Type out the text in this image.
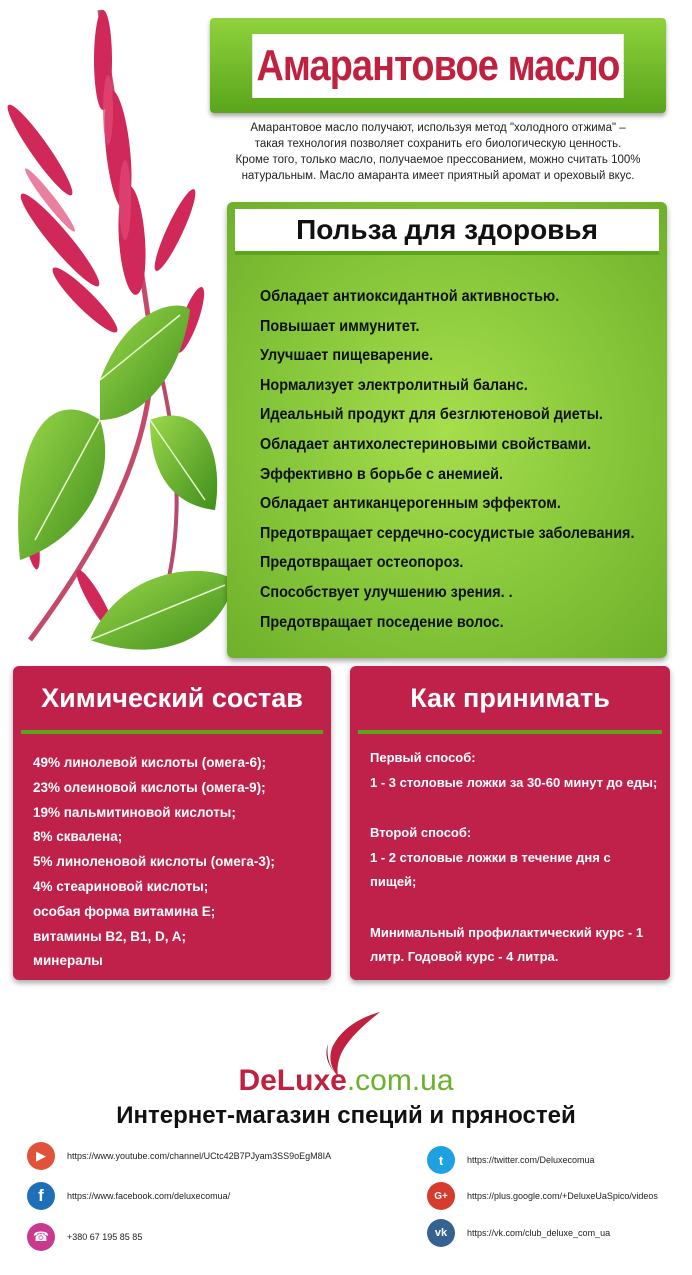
Амарантовое масло
Амарантовое масло получают, используя метод "холодного отжима" –
такая технология позволяет сохранить его биологическую ценность.
Кроме того, только масло, получаемое прессованием, можно считать 100%
натуральным. Масло амаранта имеет приятный аромат и ореховый вкус.
Польза для здоровья
Обладает антиоксидантной активностью.
Повышает иммунитет.
Улучшает пищеварение.
Нормализует электролитный баланс.
Идеальный продукт для безглютеновой диеты.
Обладает антихолестериновыми свойствами.
Эффективно в борьбе с анемией.
Обладает антиканцерогенным эффектом.
Предотвращает сердечно-сосудистые заболевания.
Предотвращает остеопороз.
Способствует улучшению зрения. .
Предотвращает поседение волос.
Химический состав
49% линолевой кислоты (омега-6);
23% олеиновой кислоты (омега-9);
19% пальмитиновой кислоты;
8% сквалена;
5% линоленовой кислоты (омега-3);
4% стеариновой кислоты;
особая форма витамина Е;
витамины B2, B1, D, A;
минералы
Как принимать

Первый способ:

1 - 3 столовые ложки за 30-60 минут до еды;

Второй способ:

1 - 2 столовые ложки в течение дня с пищей;

Минимальный профилактический курс - 1

литр. Годовой курс - 4 литра.

DeLuxe.com.ua
Интернет-магазин специй и пряностей
▶	https://www.youtube.com/channel/UCtc42B7PJyam3SS9oEgM8IA
f	https://www.facebook.com/deluxecomua/
☎	+380 67 195 85 85
t	https://twitter.com/Deluxecomua
G+	https://plus.google.com/+DeluxeUaSpico/videos
vk	https://vk.com/club_deluxe_com_ua
